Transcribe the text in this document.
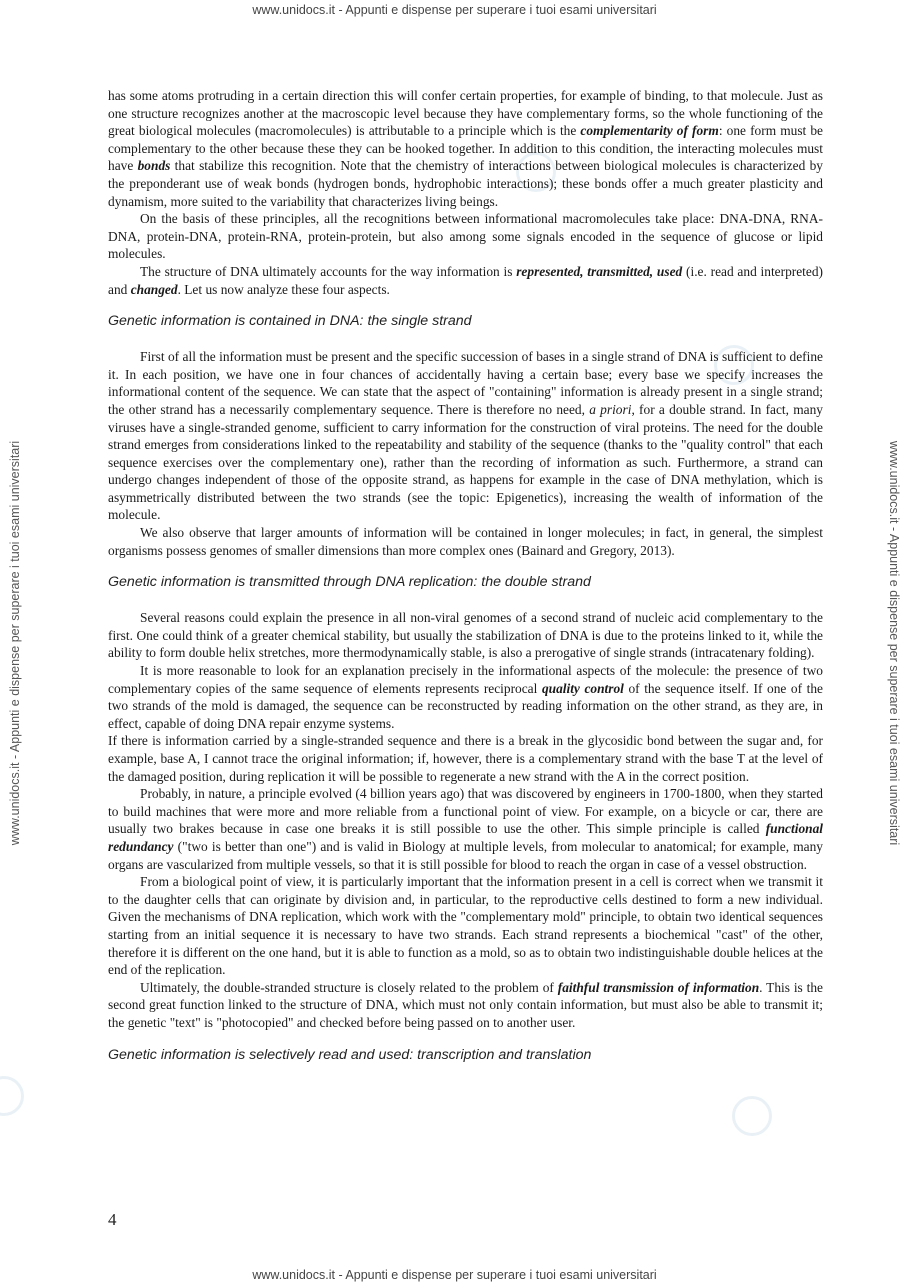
www.unidocs.it - Appunti e dispense per superare i tuoi esami universitari
www.unidocs.it - Appunti e dispense per superare i tuoi esami universitari
www.unidocs.it - Appunti e dispense per superare i tuoi esami universitari	www.unidocs.it - Appunti e dispense per superare i tuoi esami universitari

has some atoms protruding in a certain direction this will confer certain properties, for example of binding, to that molecule. Just as one structure recognizes another at the macroscopic level because they have complementary forms, so the whole functioning of the great biological molecules (macromolecules) is attributable to a principle which is the complementarity of form: one form must be complementary to the other because these they can be hooked together. In addition to this condition, the interacting molecules must have bonds that stabilize this recognition. Note that the chemistry of interactions between biological molecules is characterized by the preponderant use of weak bonds (hydrogen bonds, hydrophobic interactions); these bonds offer a much greater plasticity and dynamism, more suited to the variability that characterizes living beings.

On the basis of these principles, all the recognitions between informational macromolecules take place: DNA-DNA, RNA-DNA, protein-DNA, protein-RNA, protein-protein, but also among some signals encoded in the sequence of glucose or lipid molecules.

The structure of DNA ultimately accounts for the way information is represented, transmitted, used (i.e. read and interpreted) and changed. Let us now analyze these four aspects.

Genetic information is contained in DNA: the single strand

First of all the information must be present and the specific succession of bases in a single strand of DNA is sufficient to define it. In each position, we have one in four chances of accidentally having a certain base; every base we specify increases the informational content of the sequence. We can state that the aspect of "containing" information is already present in a single strand; the other strand has a necessarily complementary sequence. There is therefore no need, a priori, for a double strand. In fact, many viruses have a single-stranded genome, sufficient to carry information for the construction of viral proteins. The need for the double strand emerges from considerations linked to the repeatability and stability of the sequence (thanks to the "quality control" that each sequence exercises over the complementary one), rather than the recording of information as such. Furthermore, a strand can undergo changes independent of those of the opposite strand, as happens for example in the case of DNA methylation, which is asymmetrically distributed between the two strands (see the topic: Epigenetics), increasing the wealth of information of the molecule.

We also observe that larger amounts of information will be contained in longer molecules; in fact, in general, the simplest organisms possess genomes of smaller dimensions than more complex ones (Bainard and Gregory, 2013).

Genetic information is transmitted through DNA replication: the double strand

Several reasons could explain the presence in all non-viral genomes of a second strand of nucleic acid complementary to the first. One could think of a greater chemical stability, but usually the stabilization of DNA is due to the proteins linked to it, while the ability to form double helix stretches, more thermodynamically stable, is also a prerogative of single strands (intracatenary folding).

It is more reasonable to look for an explanation precisely in the informational aspects of the molecule: the presence of two complementary copies of the same sequence of elements represents reciprocal quality control of the sequence itself. If one of the two strands of the mold is damaged, the sequence can be reconstructed by reading information on the other strand, as they are, in effect, capable of doing DNA repair enzyme systems.

If there is information carried by a single-stranded sequence and there is a break in the glycosidic bond between the sugar and, for example, base A, I cannot trace the original information; if, however, there is a complementary strand with the base T at the level of the damaged position, during replication it will be possible to regenerate a new strand with the A in the correct position.

Probably, in nature, a principle evolved (4 billion years ago) that was discovered by engineers in 1700-1800, when they started to build machines that were more and more reliable from a functional point of view. For example, on a bicycle or car, there are usually two brakes because in case one breaks it is still possible to use the other. This simple principle is called functional redundancy ("two is better than one") and is valid in Biology at multiple levels, from molecular to anatomical; for example, many organs are vascularized from multiple vessels, so that it is still possible for blood to reach the organ in case of a vessel obstruction.

From a biological point of view, it is particularly important that the information present in a cell is correct when we transmit it to the daughter cells that can originate by division and, in particular, to the reproductive cells destined to form a new individual. Given the mechanisms of DNA replication, which work with the "complementary mold" principle, to obtain two identical sequences starting from an initial sequence it is necessary to have two strands. Each strand represents a biochemical "cast" of the other, therefore it is different on the one hand, but it is able to function as a mold, so as to obtain two indistinguishable double helices at the end of the replication.

Ultimately, the double-stranded structure is closely related to the problem of faithful transmission of information. This is the second great function linked to the structure of DNA, which must not only contain information, but must also be able to transmit it; the genetic "text" is "photocopied" and checked before being passed on to another user.

Genetic information is selectively read and used: transcription and translation
4
